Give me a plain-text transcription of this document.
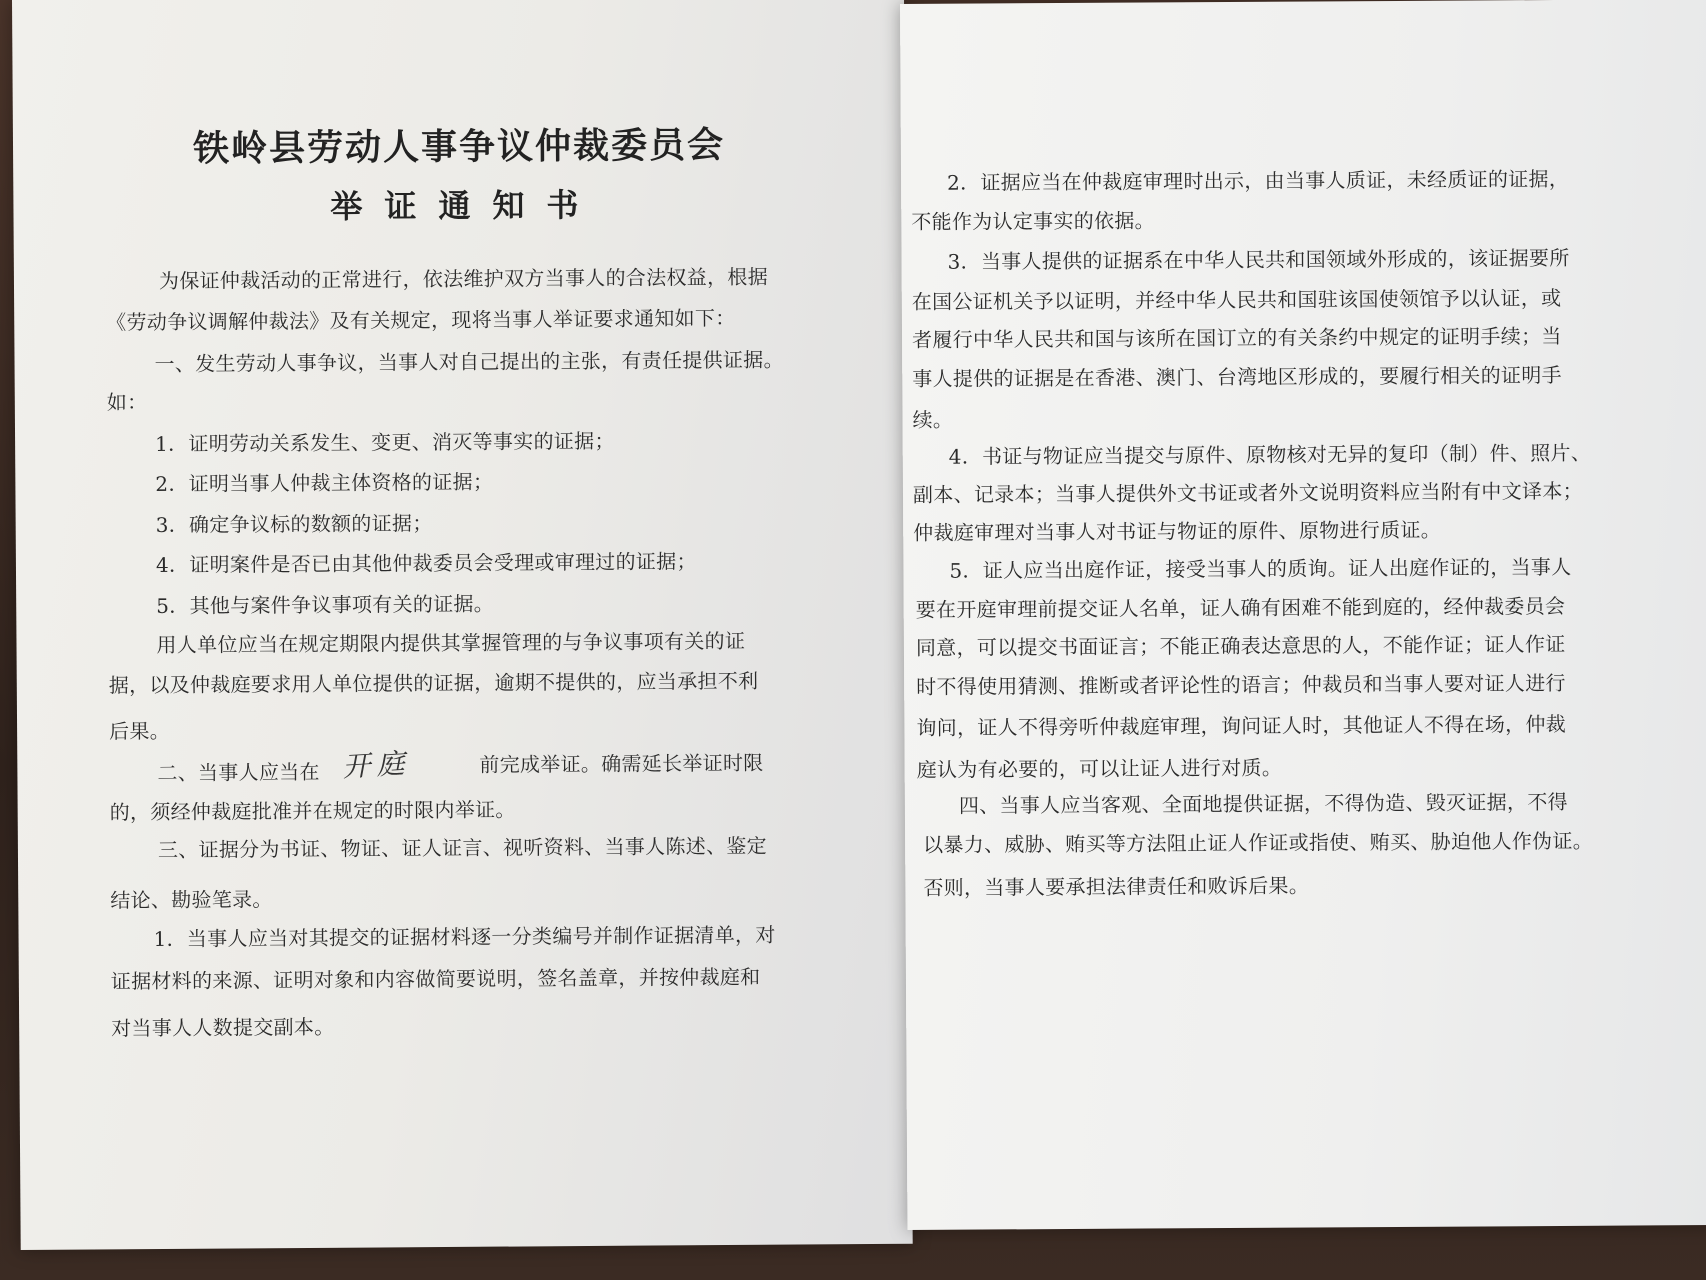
铁岭县劳动人事争议仲裁委员会
举证通知书
为保证仲裁活动的正常进行，依法维护双方当事人的合法权益，根据
《劳动争议调解仲裁法》及有关规定，现将当事人举证要求通知如下：
一、发生劳动人事争议，当事人对自己提出的主张，有责任提供证据。
如：
1．证明劳动关系发生、变更、消灭等事实的证据；
2．证明当事人仲裁主体资格的证据；
3．确定争议标的数额的证据；
4．证明案件是否已由其他仲裁委员会受理或审理过的证据；
5．其他与案件争议事项有关的证据。
用人单位应当在规定期限内提供其掌握管理的与争议事项有关的证
据，以及仲裁庭要求用人单位提供的证据，逾期不提供的，应当承担不利
后果。
二、当事人应当在 开庭	前完成举证。确需延长举证时限
的，须经仲裁庭批准并在规定的时限内举证。
三、证据分为书证、物证、证人证言、视听资料、当事人陈述、鉴定
结论、勘验笔录。
1．当事人应当对其提交的证据材料逐一分类编号并制作证据清单，对
证据材料的来源、证明对象和内容做简要说明，签名盖章，并按仲裁庭和
对当事人人数提交副本。
2．证据应当在仲裁庭审理时出示，由当事人质证，未经质证的证据，
不能作为认定事实的依据。
3．当事人提供的证据系在中华人民共和国领域外形成的，该证据要所
在国公证机关予以证明，并经中华人民共和国驻该国使领馆予以认证，或
者履行中华人民共和国与该所在国订立的有关条约中规定的证明手续；当
事人提供的证据是在香港、澳门、台湾地区形成的，要履行相关的证明手
续。
4．书证与物证应当提交与原件、原物核对无异的复印（制）件、照片、
副本、记录本；当事人提供外文书证或者外文说明资料应当附有中文译本；
仲裁庭审理对当事人对书证与物证的原件、原物进行质证。
5．证人应当出庭作证，接受当事人的质询。证人出庭作证的，当事人
要在开庭审理前提交证人名单，证人确有困难不能到庭的，经仲裁委员会
同意，可以提交书面证言；不能正确表达意思的人，不能作证；证人作证
时不得使用猜测、推断或者评论性的语言；仲裁员和当事人要对证人进行
询问，证人不得旁听仲裁庭审理，询问证人时，其他证人不得在场，仲裁
庭认为有必要的，可以让证人进行对质。
四、当事人应当客观、全面地提供证据，不得伪造、毁灭证据，不得
以暴力、威胁、贿买等方法阻止证人作证或指使、贿买、胁迫他人作伪证。
否则，当事人要承担法律责任和败诉后果。
